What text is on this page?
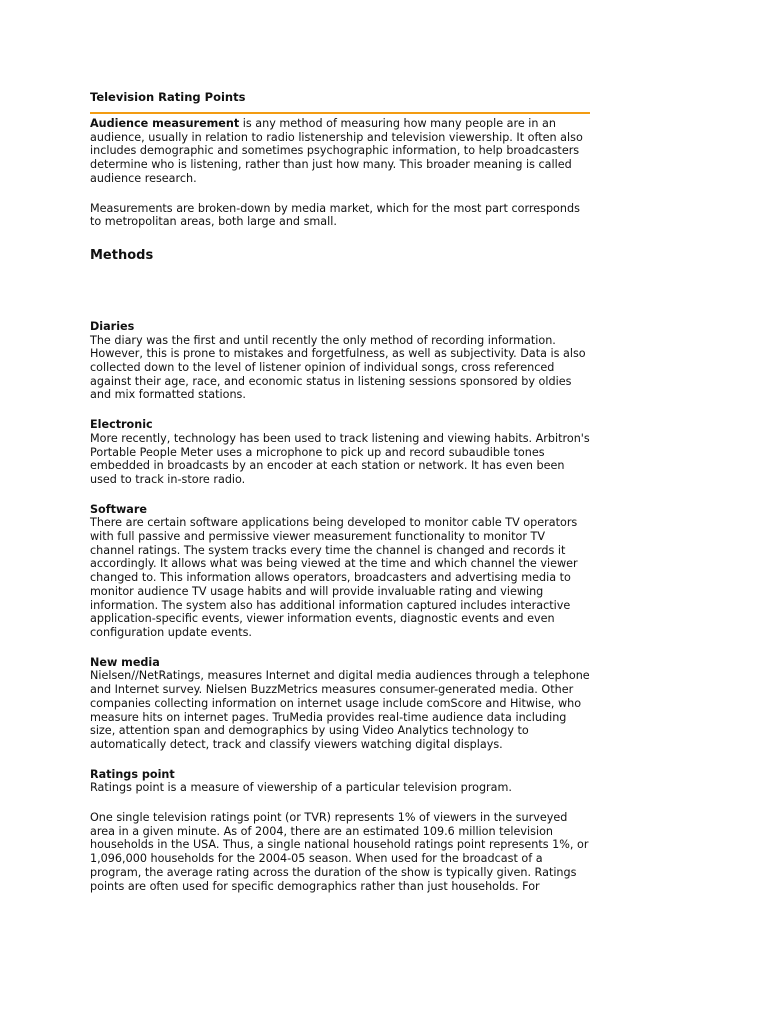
Television Rating Points

Audience measurement is any method of measuring how many people are in an audience, usually in relation to radio listenership and television viewership. It often also includes demographic and sometimes psychographic information, to help broadcasters determine who is listening, rather than just how many. This broader meaning is called audience research.

Measurements are broken-down by media market, which for the most part corresponds to metropolitan areas, both large and small.

Methods
Diaries

The diary was the first and until recently the only method of recording information. However, this is prone to mistakes and forgetfulness, as well as subjectivity. Data is also collected down to the level of listener opinion of individual songs, cross referenced against their age, race, and economic status in listening sessions sponsored by oldies and mix formatted stations.

Electronic

More recently, technology has been used to track listening and viewing habits. Arbitron's Portable People Meter uses a microphone to pick up and record subaudible tones embedded in broadcasts by an encoder at each station or network. It has even been used to track in-store radio.

Software

There are certain software applications being developed to monitor cable TV operators with full passive and permissive viewer measurement functionality to monitor TV channel ratings. The system tracks every time the channel is changed and records it accordingly. It allows what was being viewed at the time and which channel the viewer changed to. This information allows operators, broadcasters and advertising media to monitor audience TV usage habits and will provide invaluable rating and viewing information. The system also has additional information captured includes interactive application-specific events, viewer information events, diagnostic events and even configuration update events.

New media

Nielsen//NetRatings, measures Internet and digital media audiences through a telephone and Internet survey. Nielsen BuzzMetrics measures consumer-generated media. Other companies collecting information on internet usage include comScore and Hitwise, who measure hits on internet pages. TruMedia provides real-time audience data including size, attention span and demographics by using Video Analytics technology to automatically detect, track and classify viewers watching digital displays.

Ratings point

Ratings point is a measure of viewership of a particular television program.

One single television ratings point (or TVR) represents 1% of viewers in the surveyed area in a given minute. As of 2004, there are an estimated 109.6 million television households in the USA. Thus, a single national household ratings point represents 1%, or 1,096,000 households for the 2004-05 season. When used for the broadcast of a program, the average rating across the duration of the show is typically given. Ratings points are often used for specific demographics rather than just households. For
